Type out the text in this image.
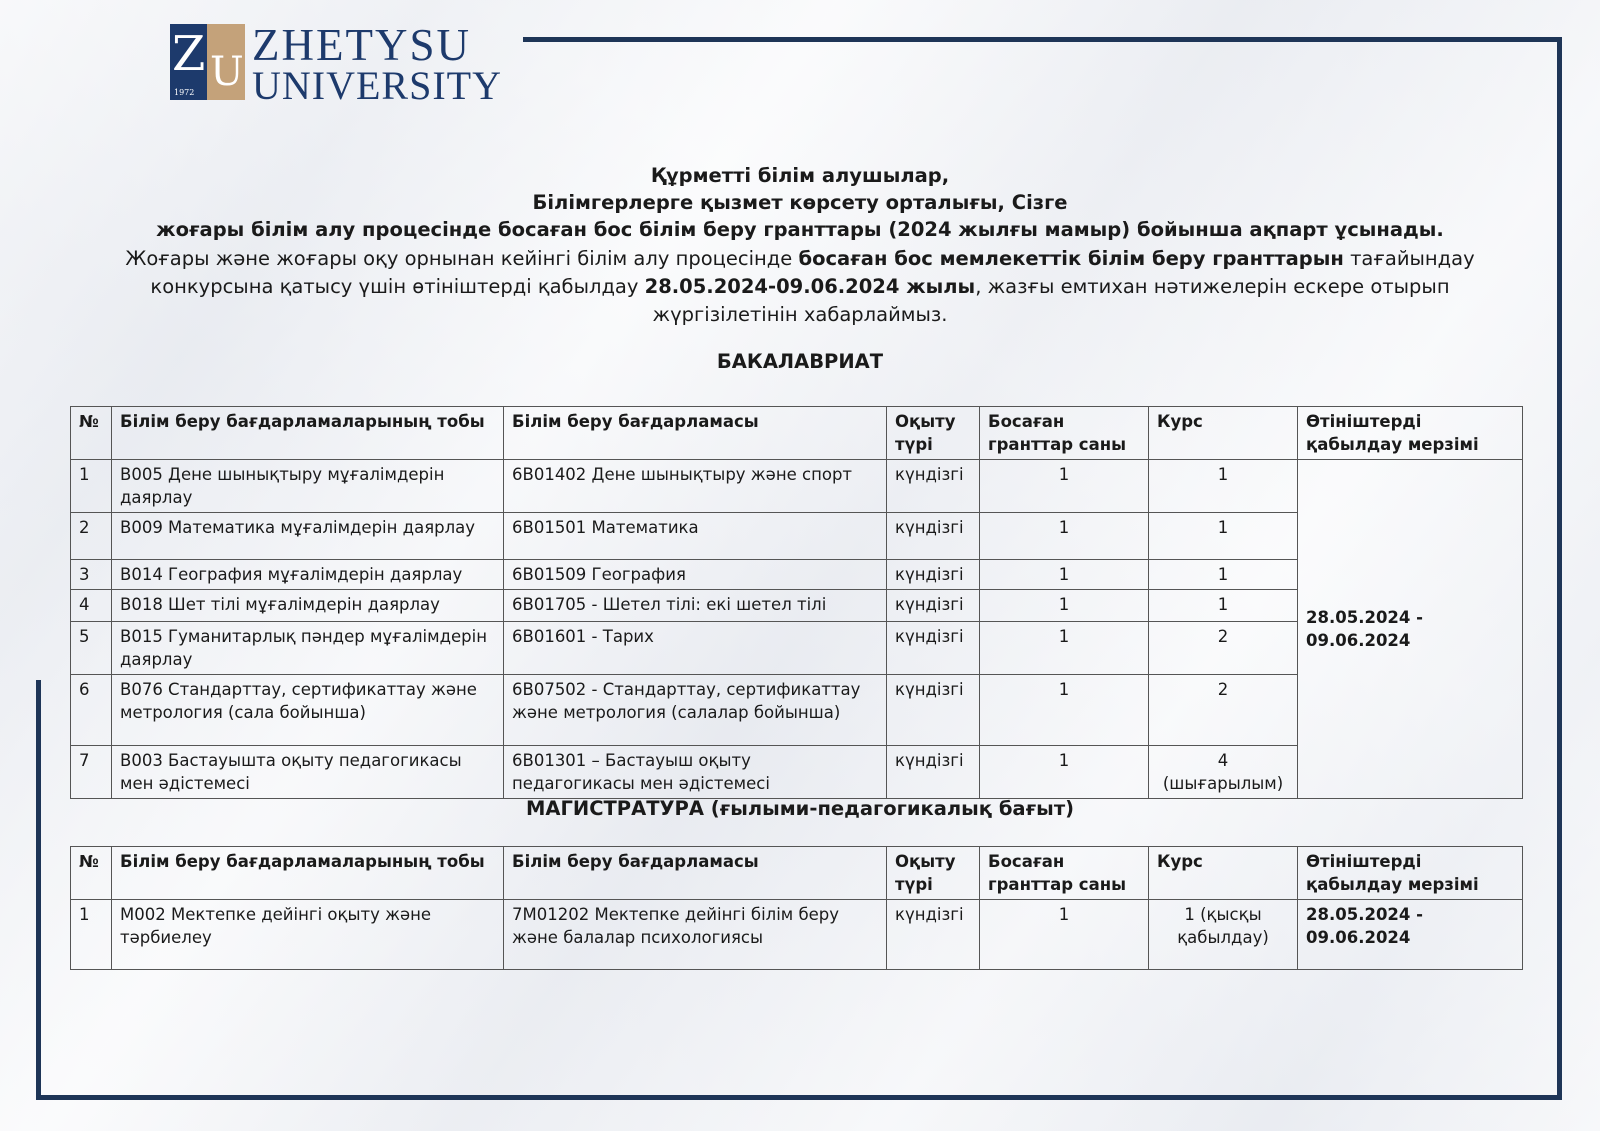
Z U
1972
ZHETYSU
UNIVERSITY
Құрметті білім алушылар,
Білімгерлерге қызмет көрсету орталығы, Сізге
жоғары білім алу процесінде босаған бос білім беру гранттары (2024 жылғы мамыр) бойынша ақпарт ұсынады.
Жоғары және жоғары оқу орнынан кейінгі білім алу процесінде босаған бос мемлекеттік білім беру гранттарын тағайындау конкурсына қатысу үшін өтініштерді қабылдау 28.05.2024-09.06.2024 жылы, жазғы емтихан нәтижелерін ескере отырып жүргізілетінін хабарлаймыз.
БАКАЛАВРИАТ
№	Білім беру бағдарламаларының тобы	Білім беру бағдарламасы	Оқыту түрі	Босаған гранттар саны	Курс	Өтініштерді қабылдау мерзімі
1	В005 Дене шынықтыру мұғалімдерін даярлау	6В01402 Дене шынықтыру және спорт	күндізгі	1	1	28.05.2024 - 09.06.2024
2	В009 Математика мұғалімдерін даярлау	6В01501 Математика	күндізгі	1	1	
3	В014 География мұғалімдерін даярлау	6В01509 География	күндізгі	1	1	
4	В018 Шет тілі мұғалімдерін даярлау	6В01705 - Шетел тілі: екі шетел тілі	күндізгі	1	1	
5	В015 Гуманитарлық пәндер мұғалімдерін даярлау	6В01601 - Тарих	күндізгі	1	2	
6	В076 Стандарттау, сертификаттау және метрология (сала бойынша)	6В07502 - Стандарттау, сертификаттау және метрология (салалар бойынша)	күндізгі	1	2	
7	В003 Бастауышта оқыту педагогикасы мен әдістемесі	6В01301 – Бастауыш оқыту педагогикасы мен әдістемесі	күндізгі	1	4 (шығарылым)	
МАГИСТРАТУРА (ғылыми-педагогикалық бағыт)
№	Білім беру бағдарламаларының тобы	Білім беру бағдарламасы	Оқыту түрі	Босаған гранттар саны	Курс	Өтініштерді қабылдау мерзімі
1	М002 Мектепке дейінгі оқыту және тәрбиелеу	7М01202 Мектепке дейінгі білім беру және балалар психологиясы	күндізгі	1	1 (қысқы қабылдау)	28.05.2024 - 09.06.2024
